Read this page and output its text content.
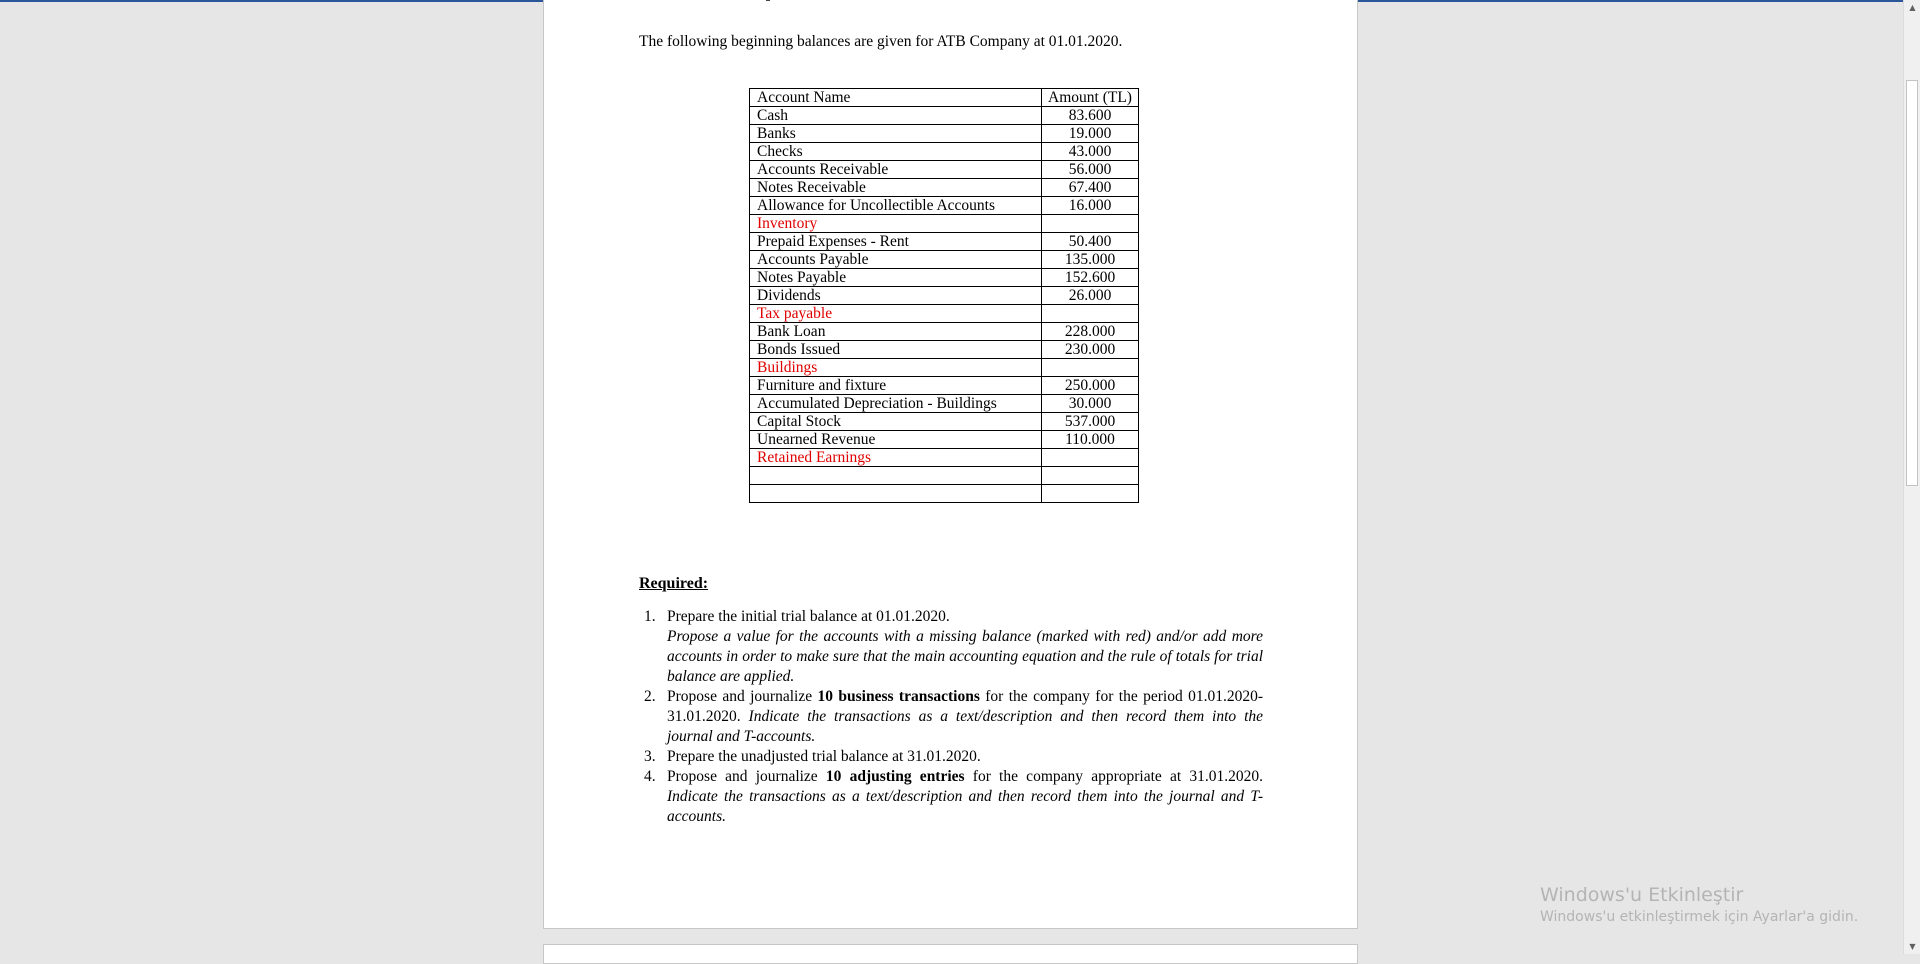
The following beginning balances are given for ATB Company at 01.01.2020.
Account Name	Amount (TL)
Cash	83.600
Banks	19.000
Checks	43.000
Accounts Receivable	56.000
Notes Receivable	67.400
Allowance for Uncollectible Accounts	16.000
Inventory	
Prepaid Expenses - Rent	50.400
Accounts Payable	135.000
Notes Payable	152.600
Dividends	26.000
Tax payable	
Bank Loan	228.000
Bonds Issued	230.000
Buildings	
Furniture and fixture	250.000
Accumulated Depreciation - Buildings	30.000
Capital Stock	537.000
Unearned Revenue	110.000
Retained Earnings	

Required:
1. Prepare the initial trial balance at 01.01.2020.
Propose a value for the accounts with a missing balance (marked with red) and/or add more accounts in order to make sure that the main accounting equation and the rule of totals for trial balance are applied.
2. Propose and journalize 10 business transactions for the company for the period 01.01.2020-31.01.2020. Indicate the transactions as a text/description and then record them into the journal and T-accounts.
3. Prepare the unadjusted trial balance at 31.01.2020.
4. Propose and journalize 10 adjusting entries for the company appropriate at 31.01.2020. Indicate the transactions as a text/description and then record them into the journal and T-accounts.
▲
▼
Windows'u Etkinleştir
Windows'u etkinleştirmek için Ayarlar'a gidin.
